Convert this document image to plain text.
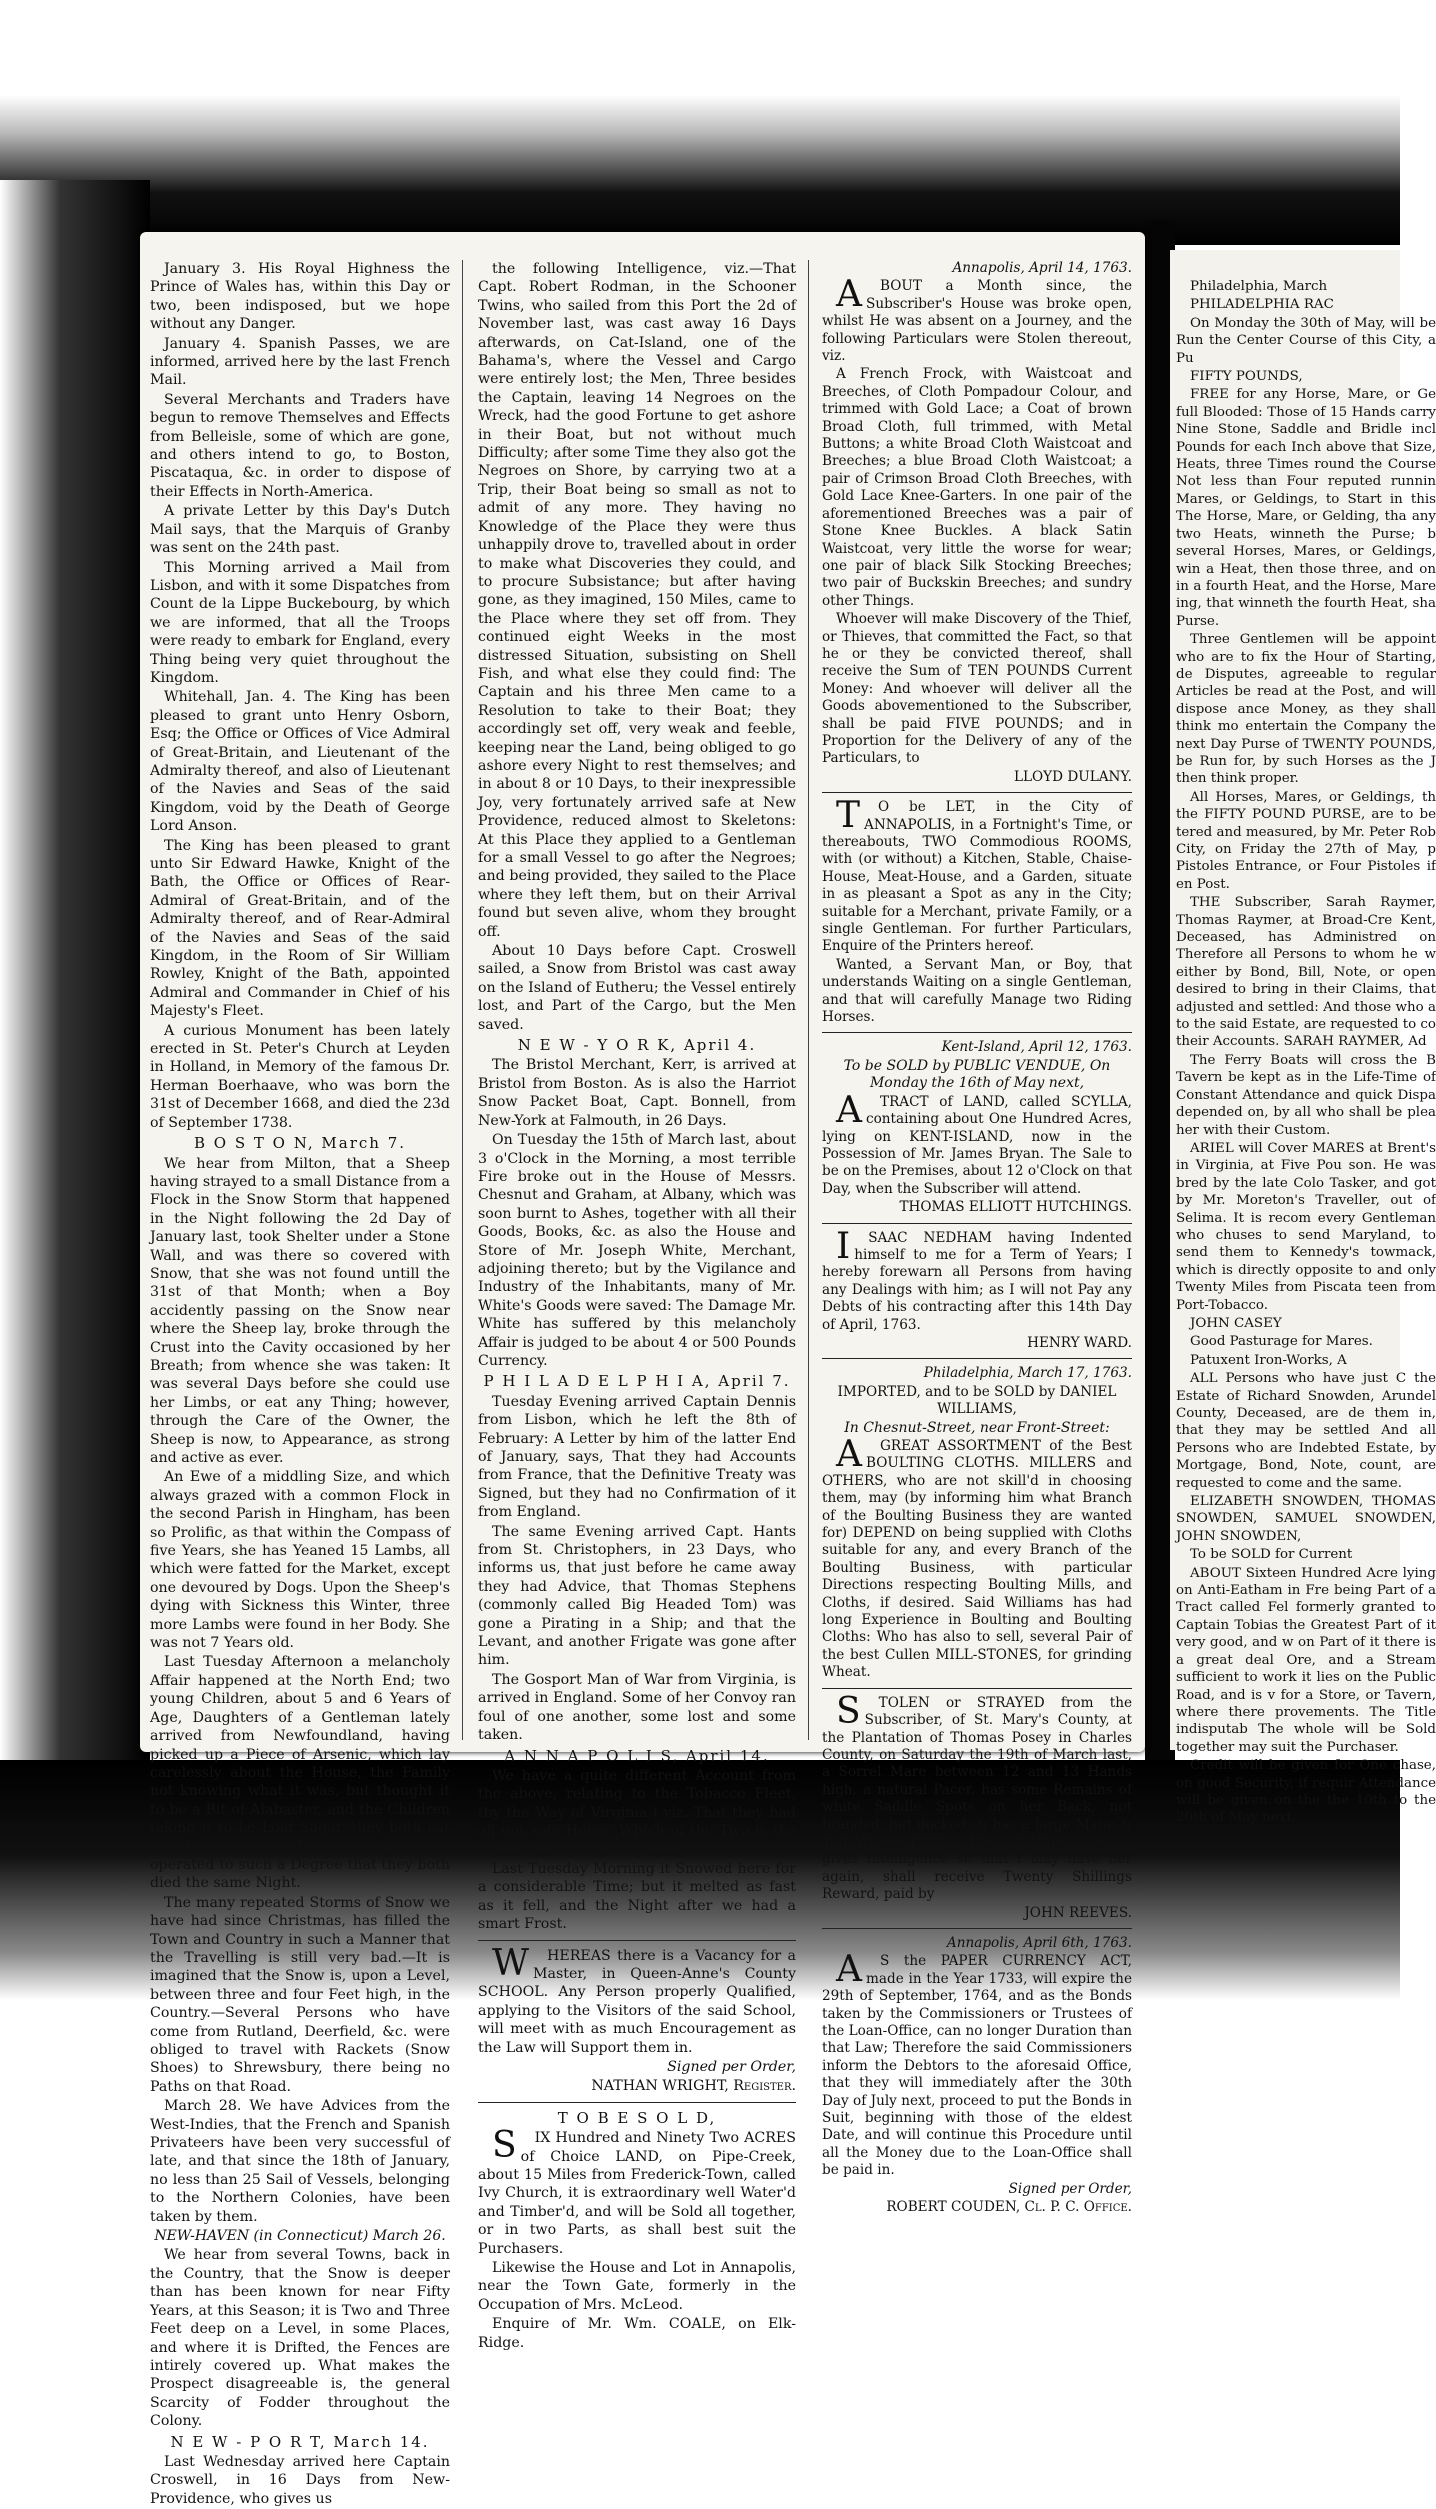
January 3. His Royal Highness the Prince of Wales has, within this Day or two, been indisposed, but we hope without any Danger.

January 4. Spanish Passes, we are informed, arrived here by the last French Mail.

Several Merchants and Traders have begun to remove Themselves and Effects from Belleisle, some of which are gone, and others intend to go, to Boston, Piscataqua, &c. in order to dispose of their Effects in North-America.

A private Letter by this Day's Dutch Mail says, that the Marquis of Granby was sent on the 24th past.

This Morning arrived a Mail from Lisbon, and with it some Dispatches from Count de la Lippe Buckebourg, by which we are informed, that all the Troops were ready to embark for England, every Thing being very quiet throughout the Kingdom.

Whitehall, Jan. 4. The King has been pleased to grant unto Henry Osborn, Esq; the Office or Offices of Vice Admiral of Great-Britain, and Lieutenant of the Admiralty thereof, and also of Lieutenant of the Navies and Seas of the said Kingdom, void by the Death of George Lord Anson.

The King has been pleased to grant unto Sir Edward Hawke, Knight of the Bath, the Office or Offices of Rear-Admiral of Great-Britain, and of the Admiralty thereof, and of Rear-Admiral of the Navies and Seas of the said Kingdom, in the Room of Sir William Rowley, Knight of the Bath, appointed Admiral and Commander in Chief of his Majesty's Fleet.

A curious Monument has been lately erected in St. Peter's Church at Leyden in Holland, in Memory of the famous Dr. Herman Boerhaave, who was born the 31st of December 1668, and died the 23d of September 1738.

B O S T O N, March 7.

We hear from Milton, that a Sheep having strayed to a small Distance from a Flock in the Snow Storm that happened in the Night following the 2d Day of January last, took Shelter under a Stone Wall, and was there so covered with Snow, that she was not found untill the 31st of that Month; when a Boy accidently passing on the Snow near where the Sheep lay, broke through the Crust into the Cavity occasioned by her Breath; from whence she was taken: It was several Days before she could use her Limbs, or eat any Thing; however, through the Care of the Owner, the Sheep is now, to Appearance, as strong and active as ever.

An Ewe of a middling Size, and which always grazed with a common Flock in the second Parish in Hingham, has been so Prolific, as that within the Compass of five Years, she has Yeaned 15 Lambs, all which were fatted for the Market, except one devoured by Dogs. Upon the Sheep's dying with Sickness this Winter, three more Lambs were found in her Body. She was not 7 Years old.

Last Tuesday Afternoon a melancholy Affair happened at the North End; two young Children, about 5 and 6 Years of Age, Daughters of a Gentleman lately arrived from Newfoundland, having picked up a Piece of Arsenic, which lay carelessly about the House, the Family not knowing what it was, but thought it to be a Bit of Alabaster, and the Children taking it to be Loaf Sugar, they both eat of it, and the Poison immediately operated to such a Degree that they both died the same Night.

The many repeated Storms of Snow we have had since Christmas, has filled the Town and Country in such a Manner that the Travelling is still very bad.—It is imagined that the Snow is, upon a Level, between three and four Feet high, in the Country.—Several Persons who have come from Rutland, Deerfield, &c. were obliged to travel with Rackets (Snow Shoes) to Shrewsbury, there being no Paths on that Road.

March 28. We have Advices from the West-Indies, that the French and Spanish Privateers have been very successful of late, and that since the 18th of January, no less than 25 Sail of Vessels, belonging to the Northern Colonies, have been taken by them.

NEW-HAVEN (in Connecticut) March 26.

We hear from several Towns, back in the Country, that the Snow is deeper than has been known for near Fifty Years, at this Season; it is Two and Three Feet deep on a Level, in some Places, and where it is Drifted, the Fences are intirely covered up. What makes the Prospect disagreeable is, the general Scarcity of Fodder throughout the Colony.

N E W - P O R T, March 14.

Last Wednesday arrived here Captain Croswell, in 16 Days from New-Providence, who gives us

the following Intelligence, viz.—That Capt. Robert Rodman, in the Schooner Twins, who sailed from this Port the 2d of November last, was cast away 16 Days afterwards, on Cat-Island, one of the Bahama's, where the Vessel and Cargo were entirely lost; the Men, Three besides the Captain, leaving 14 Negroes on the Wreck, had the good Fortune to get ashore in their Boat, but not without much Difficulty; after some Time they also got the Negroes on Shore, by carrying two at a Trip, their Boat being so small as not to admit of any more. They having no Knowledge of the Place they were thus unhappily drove to, travelled about in order to make what Discoveries they could, and to procure Subsistance; but after having gone, as they imagined, 150 Miles, came to the Place where they set off from. They continued eight Weeks in the most distressed Situation, subsisting on Shell Fish, and what else they could find: The Captain and his three Men came to a Resolution to take to their Boat; they accordingly set off, very weak and feeble, keeping near the Land, being obliged to go ashore every Night to rest themselves; and in about 8 or 10 Days, to their inexpressible Joy, very fortunately arrived safe at New Providence, reduced almost to Skeletons: At this Place they applied to a Gentleman for a small Vessel to go after the Negroes; and being provided, they sailed to the Place where they left them, but on their Arrival found but seven alive, whom they brought off.

About 10 Days before Capt. Croswell sailed, a Snow from Bristol was cast away on the Island of Eutheru; the Vessel entirely lost, and Part of the Cargo, but the Men saved.

N E W - Y O R K, April 4.

The Bristol Merchant, Kerr, is arrived at Bristol from Boston. As is also the Harriot Snow Packet Boat, Capt. Bonnell, from New-York at Falmouth, in 26 Days.

On Tuesday the 15th of March last, about 3 o'Clock in the Morning, a most terrible Fire broke out in the House of Messrs. Chesnut and Graham, at Albany, which was soon burnt to Ashes, together with all their Goods, Books, &c. as also the House and Store of Mr. Joseph White, Merchant, adjoining thereto; but by the Vigilance and Industry of the Inhabitants, many of Mr. White's Goods were saved: The Damage Mr. White has suffered by this melancholy Affair is judged to be about 4 or 500 Pounds Currency.

P H I L A D E L P H I A, April 7.

Tuesday Evening arrived Captain Dennis from Lisbon, which he left the 8th of February: A Letter by him of the latter End of January, says, That they had Accounts from France, that the Definitive Treaty was Signed, but they had no Confirmation of it from England.

The same Evening arrived Capt. Hants from St. Christophers, in 23 Days, who informs us, that just before he came away they had Advice, that Thomas Stephens (commonly called Big Headed Tom) was gone a Pirating in a Ship; and that the Levant, and another Frigate was gone after him.

The Gosport Man of War from Virginia, is arrived in England. Some of her Convoy ran foul of one another, some lost and some taken.

A N N A P O L I S, April 14.

We have a quite different Account from the above, relating to the Tobacco Fleet, (by the Way of Virginia,) viz. That they had all got safe Home. Which of the Two is the Truth, a little Time will determine.

Last Tuesday Morning it Snowed here for a considerable Time; but it melted as fast as it fell, and the Night after we had a smart Frost.

WHEREAS there is a Vacancy for a Master, in Queen-Anne's County SCHOOL. Any Person properly Qualified, applying to the Visitors of the said School, will meet with as much Encouragement as the Law will Support them in.

Signed per Order,

NATHAN WRIGHT, Register.

T O B E S O L D,

SIX Hundred and Ninety Two ACRES of Choice LAND, on Pipe-Creek, about 15 Miles from Frederick-Town, called Ivy Church, it is extraordinary well Water'd and Timber'd, and will be Sold all together, or in two Parts, as shall best suit the Purchasers.

Likewise the House and Lot in Annapolis, near the Town Gate, formerly in the Occupation of Mrs. McLeod.

Enquire of Mr. Wm. COALE, on Elk-Ridge.

Annapolis, April 14, 1763.

ABOUT a Month since, the Subscriber's House was broke open, whilst He was absent on a Journey, and the following Particulars were Stolen thereout, viz.

A French Frock, with Waistcoat and Breeches, of Cloth Pompadour Colour, and trimmed with Gold Lace; a Coat of brown Broad Cloth, full trimmed, with Metal Buttons; a white Broad Cloth Waistcoat and Breeches; a blue Broad Cloth Waistcoat; a pair of Crimson Broad Cloth Breeches, with Gold Lace Knee-Garters. In one pair of the aforementioned Breeches was a pair of Stone Knee Buckles. A black Satin Waistcoat, very little the worse for wear; one pair of black Silk Stocking Breeches; two pair of Buckskin Breeches; and sundry other Things.

Whoever will make Discovery of the Thief, or Thieves, that committed the Fact, so that he or they be convicted thereof, shall receive the Sum of TEN POUNDS Current Money: And whoever will deliver all the Goods abovementioned to the Subscriber, shall be paid FIVE POUNDS; and in Proportion for the Delivery of any of the Particulars, to

LLOYD DULANY.

TO be LET, in the City of ANNAPOLIS, in a Fortnight's Time, or thereabouts, TWO Commodious ROOMS, with (or without) a Kitchen, Stable, Chaise-House, Meat-House, and a Garden, situate in as pleasant a Spot as any in the City; suitable for a Merchant, private Family, or a single Gentleman. For further Particulars, Enquire of the Printers hereof.

Wanted, a Servant Man, or Boy, that understands Waiting on a single Gentleman, and that will carefully Manage two Riding Horses.

Kent-Island, April 12, 1763.

To be SOLD by PUBLIC VENDUE, On Monday the 16th of May next,

ATRACT of LAND, called SCYLLA, containing about One Hundred Acres, lying on KENT-ISLAND, now in the Possession of Mr. James Bryan. The Sale to be on the Premises, about 12 o'Clock on that Day, when the Subscriber will attend.

THOMAS ELLIOTT HUTCHINGS.

ISAAC NEDHAM having Indented himself to me for a Term of Years; I hereby forewarn all Persons from having any Dealings with him; as I will not Pay any Debts of his contracting after this 14th Day of April, 1763.

HENRY WARD.

Philadelphia, March 17, 1763.

IMPORTED, and to be SOLD by DANIEL WILLIAMS,

In Chesnut-Street, near Front-Street:

AGREAT ASSORTMENT of the Best BOULTING CLOTHS. MILLERS and OTHERS, who are not skill'd in choosing them, may (by informing him what Branch of the Boulting Business they are wanted for) DEPEND on being supplied with Cloths suitable for any, and every Branch of the Boulting Business, with particular Directions respecting Boulting Mills, and Cloths, if desired. Said Williams has had long Experience in Boulting and Boulting Cloths: Who has also to sell, several Pair of the best Cullen MILL-STONES, for grinding Wheat.

STOLEN or STRAYED from the Subscriber, of St. Mary's County, at the Plantation of Thomas Posey in Charles County, on Saturday the 19th of March last, a Sorrel Mare between 12 and 13 Hands high, a natural Pacer, has some Remains of white Saddle Spots on her Back, not branded, but docked, & has a large Mane & Tail. Whoever brings the said Mare to me, or gives Intelligence so that I may have her again, shall receive Twenty Shillings Reward, paid by

JOHN REEVES.

Annapolis, April 6th, 1763.

AS the PAPER CURRENCY ACT, made in the Year 1733, will expire the 29th of September, 1764, and as the Bonds taken by the Commissioners or Trustees of the Loan-Office, can no longer Duration than that Law; Therefore the said Commissioners inform the Debtors to the aforesaid Office, that they will immediately after the 30th Day of July next, proceed to put the Bonds in Suit, beginning with those of the eldest Date, and will continue this Procedure until all the Money due to the Loan-Office shall be paid in.

Signed per Order,

ROBERT COUDEN, Cl. P. C. Office.

Philadelphia, March

PHILADELPHIA RAC

On Monday the 30th of May, will be Run the Center Course of this City, a Pu

FIFTY POUNDS,

FREE for any Horse, Mare, or Ge full Blooded: Those of 15 Hands carry Nine Stone, Saddle and Bridle incl Pounds for each Inch above that Size, Heats, three Times round the Course Not less than Four reputed runnin Mares, or Geldings, to Start in this The Horse, Mare, or Gelding, tha any two Heats, winneth the Purse; b several Horses, Mares, or Geldings, win a Heat, then those three, and on in a fourth Heat, and the Horse, Mare ing, that winneth the fourth Heat, sha Purse.

Three Gentlemen will be appoint who are to fix the Hour of Starting, de Disputes, agreeable to regular Articles be read at the Post, and will dispose ance Money, as they shall think mo entertain the Company the next Day Purse of TWENTY POUNDS, be Run for, by such Horses as the J then think proper.

All Horses, Mares, or Geldings, th the FIFTY POUND PURSE, are to be tered and measured, by Mr. Peter Rob City, on Friday the 27th of May, p Pistoles Entrance, or Four Pistoles if en Post.

THE Subscriber, Sarah Raymer, Thomas Raymer, at Broad-Cre Kent, Deceased, has Administred on Therefore all Persons to whom he w either by Bond, Bill, Note, or open desired to bring in their Claims, that adjusted and settled: And those who a to the said Estate, are requested to co their Accounts. SARAH RAYMER, Ad

The Ferry Boats will cross the B Tavern be kept as in the Life-Time of Constant Attendance and quick Dispa depended on, by all who shall be plea her with their Custom.

ARIEL will Cover MARES at Brent's in Virginia, at Five Pou son. He was bred by the late Colo Tasker, and got by Mr. Moreton's Traveller, out of Selima. It is recom every Gentleman who chuses to send Maryland, to send them to Kennedy's towmack, which is directly opposite to and only Twenty Miles from Piscata teen from Port-Tobacco.

JOHN CASEY

Good Pasturage for Mares.

Patuxent Iron-Works, A

ALL Persons who have just C the Estate of Richard Snowden, Arundel County, Deceased, are de them in, that they may be settled And all Persons who are Indebted Estate, by Mortgage, Bond, Note, count, are requested to come and the same.

ELIZABETH SNOWDEN, THOMAS SNOWDEN, SAMUEL SNOWDEN, JOHN SNOWDEN,

To be SOLD for Current

ABOUT Sixteen Hundred Acre lying on Anti-Eatham in Fre being Part of a Tract called Fel formerly granted to Captain Tobias the Greatest Part of it very good, and w on Part of it there is a great deal Ore, and a Stream sufficient to work it lies on the Public Road, and is v for a Store, or Tavern, where there provements. The Title indisputab The whole will be Sold together may suit the Purchaser.

Credit will be given for One chase, on good Security, if requir Attendance will be given on the the 10th to the 20th of May next,
